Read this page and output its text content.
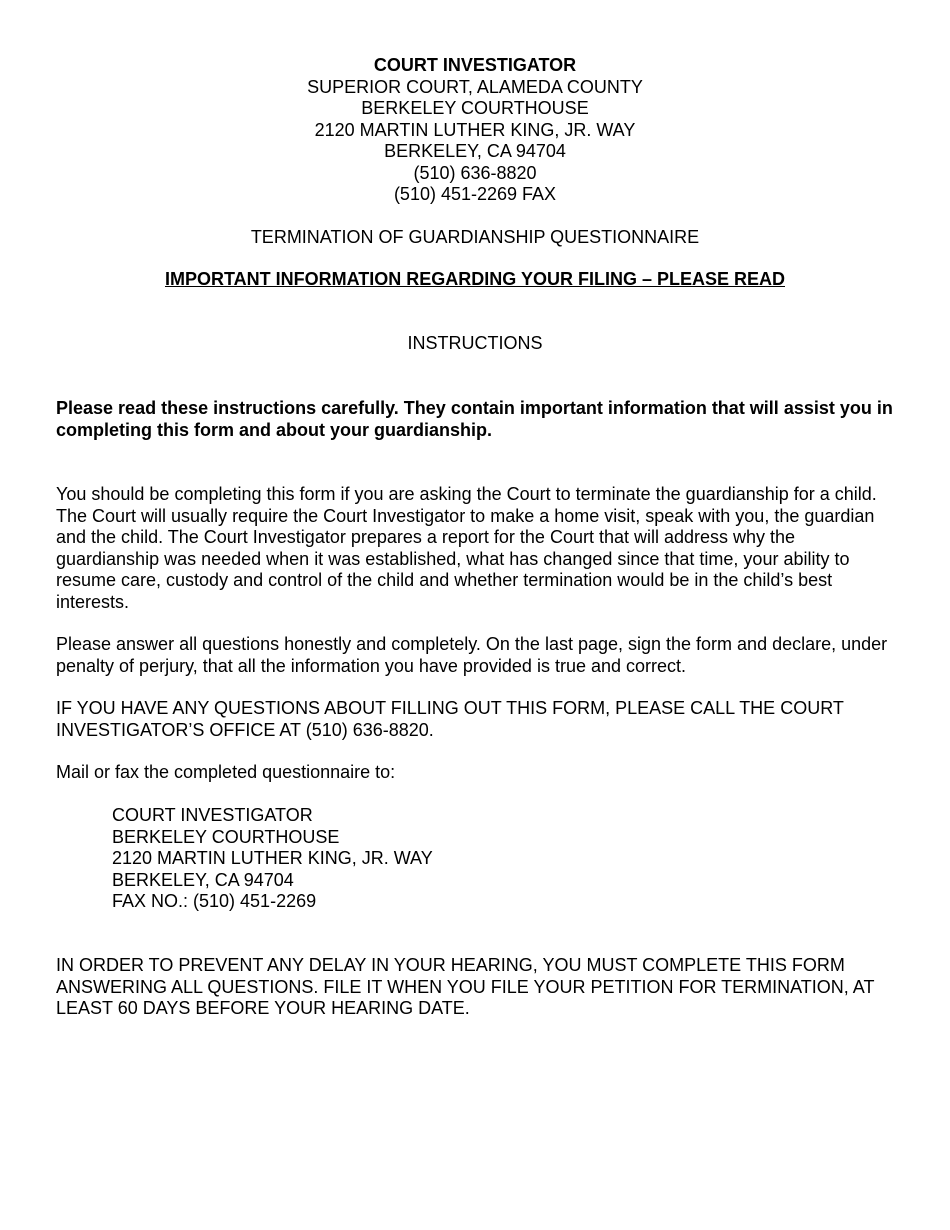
COURT INVESTIGATOR
SUPERIOR COURT, ALAMEDA COUNTY
BERKELEY COURTHOUSE
2120 MARTIN LUTHER KING, JR. WAY
BERKELEY, CA 94704
(510) 636-8820
(510) 451-2269 FAX
TERMINATION OF GUARDIANSHIP QUESTIONNAIRE
IMPORTANT INFORMATION REGARDING YOUR FILING – PLEASE READ
INSTRUCTIONS

Please read these instructions carefully. They contain important information that will assist you in completing this form and about your guardianship.

You should be completing this form if you are asking the Court to terminate the guardianship for a child. The Court will usually require the Court Investigator to make a home visit, speak with you, the guardian and the child. The Court Investigator prepares a report for the Court that will address why the guardianship was needed when it was established, what has changed since that time, your ability to resume care, custody and control of the child and whether termination would be in the child’s best interests.

Please answer all questions honestly and completely. On the last page, sign the form and declare, under penalty of perjury, that all the information you have provided is true and correct.

IF YOU HAVE ANY QUESTIONS ABOUT FILLING OUT THIS FORM, PLEASE CALL THE COURT INVESTIGATOR’S OFFICE AT (510) 636-8820.

Mail or fax the completed questionnaire to:

COURT INVESTIGATOR
BERKELEY COURTHOUSE
2120 MARTIN LUTHER KING, JR. WAY
BERKELEY, CA 94704
FAX NO.: (510) 451-2269

IN ORDER TO PREVENT ANY DELAY IN YOUR HEARING, YOU MUST COMPLETE THIS FORM ANSWERING ALL QUESTIONS. FILE IT WHEN YOU FILE YOUR PETITION FOR TERMINATION, AT LEAST 60 DAYS BEFORE YOUR HEARING DATE.
